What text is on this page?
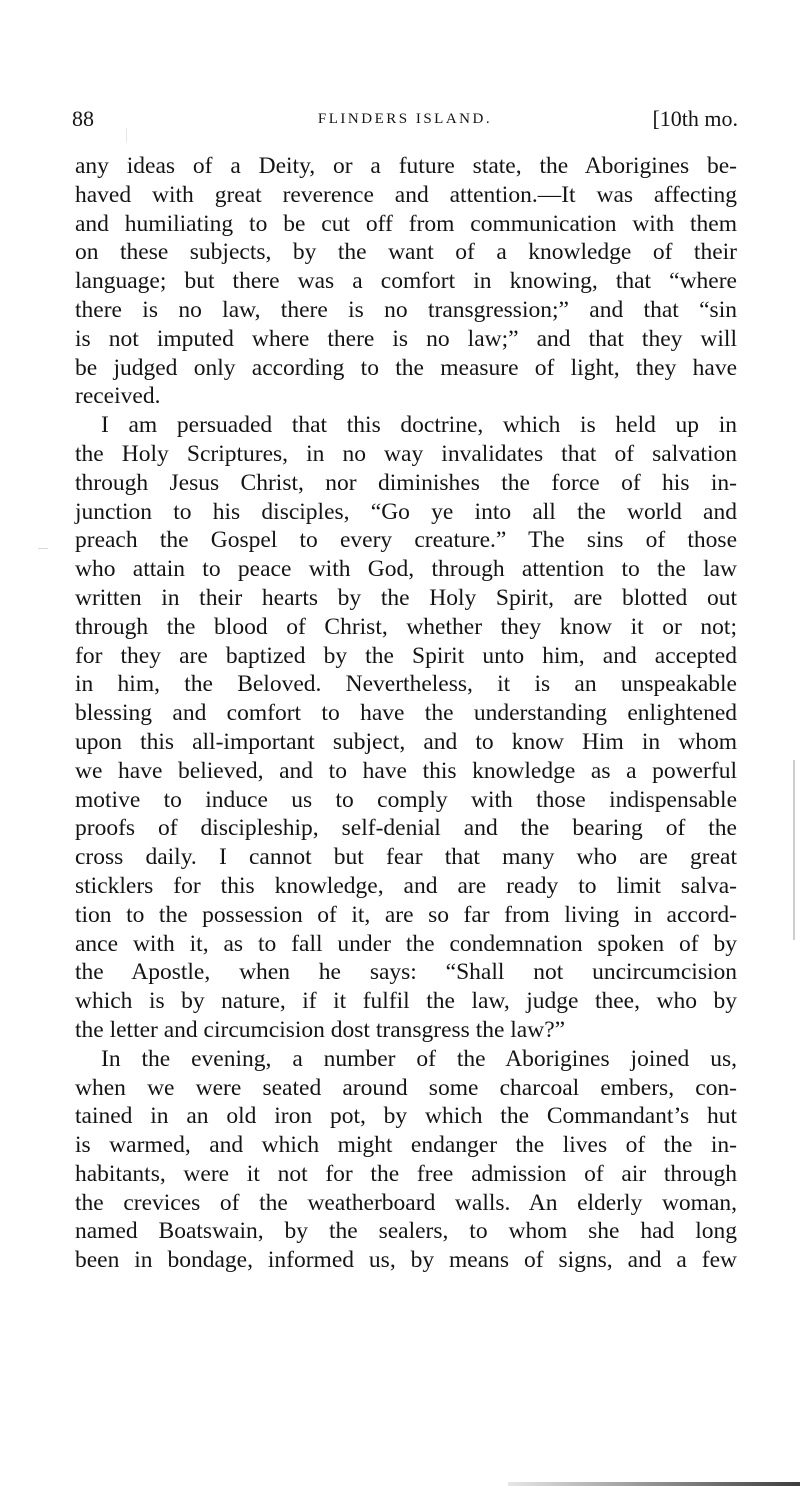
88	FLINDERS ISLAND.	[10th mo.
any ideas of a Deity, or a future state, the Aborigines be-
haved with great reverence and attention.—It was affecting
and humiliating to be cut off from communication with them
on these subjects, by the want of a knowledge of their
language; but there was a comfort in knowing, that “where
there is no law, there is no transgression;” and that “sin
is not imputed where there is no law;” and that they will
be judged only according to the measure of light, they have
received.
I am persuaded that this doctrine, which is held up in
the Holy Scriptures, in no way invalidates that of salvation
through Jesus Christ, nor diminishes the force of his in-
junction to his disciples, “Go ye into all the world and
preach the Gospel to every creature.” The sins of those
who attain to peace with God, through attention to the law
written in their hearts by the Holy Spirit, are blotted out
through the blood of Christ, whether they know it or not;
for they are baptized by the Spirit unto him, and accepted
in him, the Beloved. Nevertheless, it is an unspeakable
blessing and comfort to have the understanding enlightened
upon this all-important subject, and to know Him in whom
we have believed, and to have this knowledge as a powerful
motive to induce us to comply with those indispensable
proofs of discipleship, self-denial and the bearing of the
cross daily. I cannot but fear that many who are great
sticklers for this knowledge, and are ready to limit salva-
tion to the possession of it, are so far from living in accord-
ance with it, as to fall under the condemnation spoken of by
the Apostle, when he says: “Shall not uncircumcision
which is by nature, if it fulfil the law, judge thee, who by
the letter and circumcision dost transgress the law?”
In the evening, a number of the Aborigines joined us,
when we were seated around some charcoal embers, con-
tained in an old iron pot, by which the Commandant’s hut
is warmed, and which might endanger the lives of the in-
habitants, were it not for the free admission of air through
the crevices of the weatherboard walls. An elderly woman,
named Boatswain, by the sealers, to whom she had long
been in bondage, informed us, by means of signs, and a few
